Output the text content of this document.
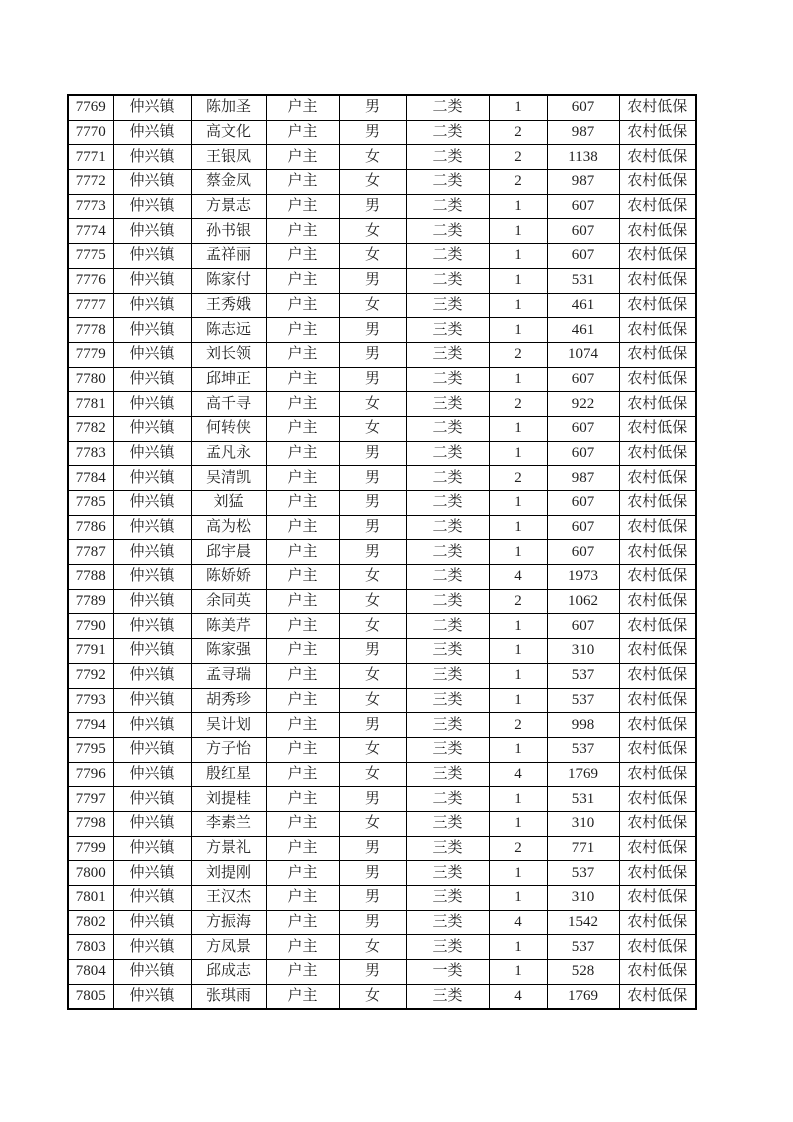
7769	仲兴镇	陈加圣	户主	男	二类	1	607	农村低保
7770	仲兴镇	高文化	户主	男	二类	2	987	农村低保
7771	仲兴镇	王银凤	户主	女	二类	2	1138	农村低保
7772	仲兴镇	蔡金凤	户主	女	二类	2	987	农村低保
7773	仲兴镇	方景志	户主	男	二类	1	607	农村低保
7774	仲兴镇	孙书银	户主	女	二类	1	607	农村低保
7775	仲兴镇	孟祥丽	户主	女	二类	1	607	农村低保
7776	仲兴镇	陈家付	户主	男	二类	1	531	农村低保
7777	仲兴镇	王秀娥	户主	女	三类	1	461	农村低保
7778	仲兴镇	陈志远	户主	男	三类	1	461	农村低保
7779	仲兴镇	刘长领	户主	男	三类	2	1074	农村低保
7780	仲兴镇	邱坤正	户主	男	二类	1	607	农村低保
7781	仲兴镇	高千寻	户主	女	三类	2	922	农村低保
7782	仲兴镇	何转侠	户主	女	二类	1	607	农村低保
7783	仲兴镇	孟凡永	户主	男	二类	1	607	农村低保
7784	仲兴镇	吴清凯	户主	男	二类	2	987	农村低保
7785	仲兴镇	刘猛	户主	男	二类	1	607	农村低保
7786	仲兴镇	高为松	户主	男	二类	1	607	农村低保
7787	仲兴镇	邱宇晨	户主	男	二类	1	607	农村低保
7788	仲兴镇	陈娇娇	户主	女	二类	4	1973	农村低保
7789	仲兴镇	余同英	户主	女	二类	2	1062	农村低保
7790	仲兴镇	陈美芹	户主	女	二类	1	607	农村低保
7791	仲兴镇	陈家强	户主	男	三类	1	310	农村低保
7792	仲兴镇	孟寻瑞	户主	女	三类	1	537	农村低保
7793	仲兴镇	胡秀珍	户主	女	三类	1	537	农村低保
7794	仲兴镇	吴计划	户主	男	三类	2	998	农村低保
7795	仲兴镇	方子怡	户主	女	三类	1	537	农村低保
7796	仲兴镇	殷红星	户主	女	三类	4	1769	农村低保
7797	仲兴镇	刘提桂	户主	男	二类	1	531	农村低保
7798	仲兴镇	李素兰	户主	女	三类	1	310	农村低保
7799	仲兴镇	方景礼	户主	男	三类	2	771	农村低保
7800	仲兴镇	刘提刚	户主	男	三类	1	537	农村低保
7801	仲兴镇	王汉杰	户主	男	三类	1	310	农村低保
7802	仲兴镇	方振海	户主	男	三类	4	1542	农村低保
7803	仲兴镇	方凤景	户主	女	三类	1	537	农村低保
7804	仲兴镇	邱成志	户主	男	一类	1	528	农村低保
7805	仲兴镇	张琪雨	户主	女	三类	4	1769	农村低保
